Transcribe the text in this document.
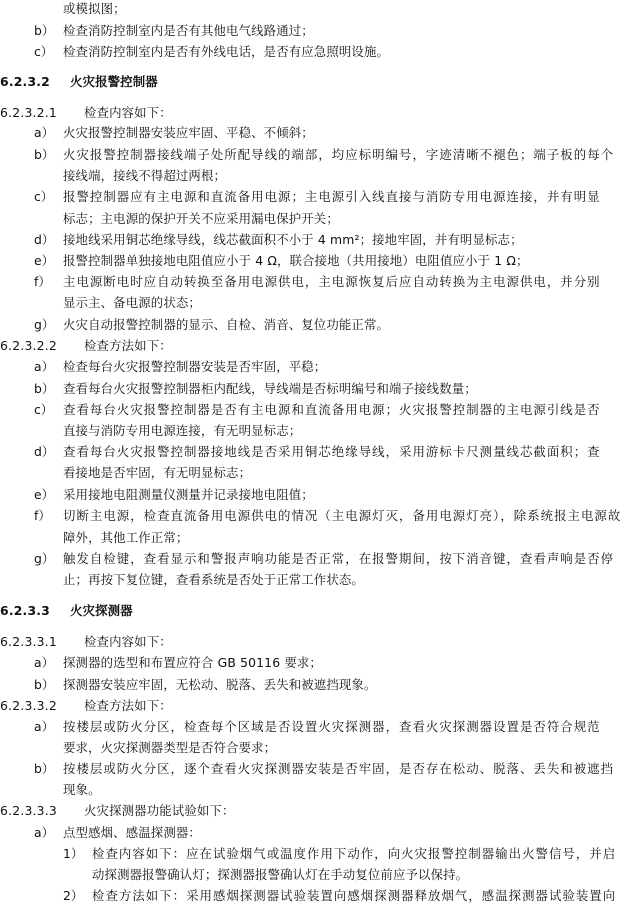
或模拟图；
b） 检查消防控制室内是否有其他电气线路通过；
c） 检查消防控制室内是否有外线电话，是否有应急照明设施。
6.2.3.2 火灾报警控制器
6.2.3.2.1 检查内容如下：
a） 火灾报警控制器安装应牢固、平稳、不倾斜；
b） 火灾报警控制器接线端子处所配导线的端部，均应标明编号，字迹清晰不褪色；端子板的每个
接线端，接线不得超过两根；
c） 报警控制器应有主电源和直流备用电源；主电源引入线直接与消防专用电源连接，并有明显
标志；主电源的保护开关不应采用漏电保护开关；
d） 接地线采用铜芯绝缘导线，线芯截面积不小于 4 mm²；接地牢固，并有明显标志；
e） 报警控制器单独接地电阻值应小于 4 Ω，联合接地（共用接地）电阻值应小于 1 Ω；
f） 主电源断电时应自动转换至备用电源供电，主电源恢复后应自动转换为主电源供电，并分别
显示主、备电源的状态；
g） 火灾自动报警控制器的显示、自检、消音、复位功能正常。
6.2.3.2.2 检查方法如下：
a） 检查每台火灾报警控制器安装是否牢固，平稳；
b） 查看每台火灾报警控制器柜内配线，导线端是否标明编号和端子接线数量；
c） 查看每台火灾报警控制器是否有主电源和直流备用电源；火灾报警控制器的主电源引线是否
直接与消防专用电源连接，有无明显标志；
d） 查看每台火灾报警控制器接地线是否采用铜芯绝缘导线，采用游标卡尺测量线芯截面积；查
看接地是否牢固，有无明显标志；
e） 采用接地电阻测量仪测量并记录接地电阻值；
f） 切断主电源，检查直流备用电源供电的情况（主电源灯灭，备用电源灯亮），除系统报主电源故
障外，其他工作正常；
g） 触发自检键，查看显示和警报声响功能是否正常，在报警期间，按下消音键，查看声响是否停
止；再按下复位键，查看系统是否处于正常工作状态。
6.2.3.3 火灾探测器
6.2.3.3.1 检查内容如下：
a） 探测器的选型和布置应符合 GB 50116 要求；
b） 探测器安装应牢固，无松动、脱落、丢失和被遮挡现象。
6.2.3.3.2 检查方法如下：
a） 按楼层或防火分区，检查每个区域是否设置火灾探测器，查看火灾探测器设置是否符合规范
要求，火灾探测器类型是否符合要求；
b） 按楼层或防火分区，逐个查看火灾探测器安装是否牢固，是否存在松动、脱落、丢失和被遮挡
现象。
6.2.3.3.3 火灾探测器功能试验如下：
a） 点型感烟、感温探测器：
1） 检查内容如下：应在试验烟气或温度作用下动作，向火灾报警控制器输出火警信号，并启
动探测器报警确认灯；探测器报警确认灯在手动复位前应予以保持。
2） 检查方法如下：采用感烟探测器试验装置向感烟探测器释放烟气，感温探测器试验装置向
